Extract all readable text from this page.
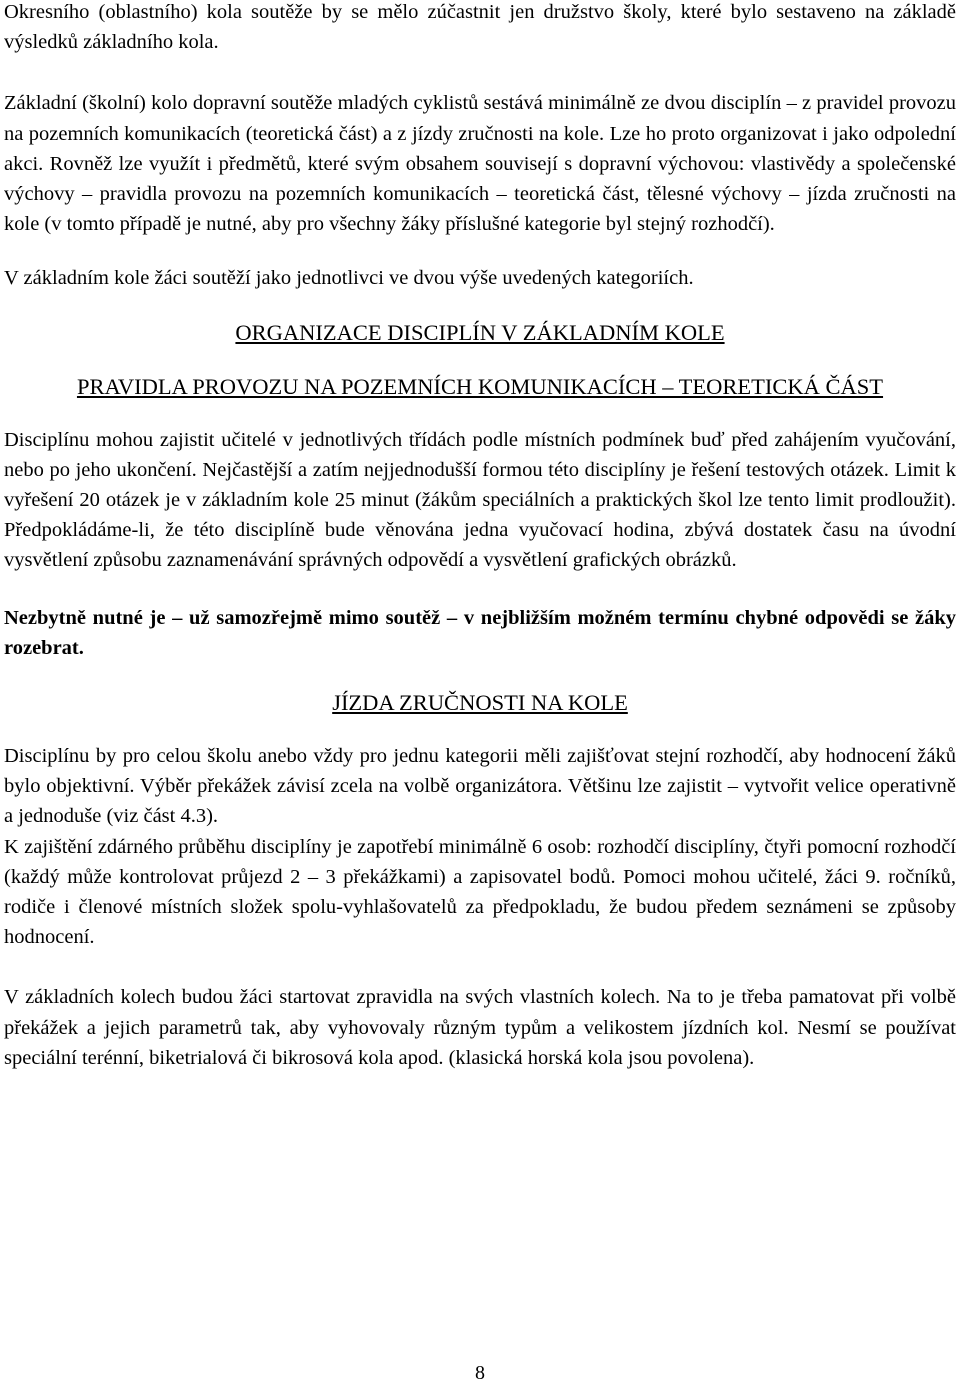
Okresního (oblastního) kola soutěže by se mělo zúčastnit jen družstvo školy, které bylo sestaveno na základě výsledků základního kola.

Základní (školní) kolo dopravní soutěže mladých cyklistů sestává minimálně ze dvou disciplín – z pravidel provozu na pozemních komunikacích (teoretická část) a z jízdy zručnosti na kole. Lze ho proto organizovat i jako odpolední akci. Rovněž lze využít i předmětů, které svým obsahem souvisejí s dopravní výchovou: vlastivědy a společenské výchovy – pravidla provozu na pozemních komunikacích – teoretická část, tělesné výchovy – jízda zručnosti na kole (v tomto případě je nutné, aby pro všechny žáky příslušné kategorie byl stejný rozhodčí).

V základním kole žáci soutěží jako jednotlivci ve dvou výše uvedených kategoriích.

ORGANIZACE DISCIPLÍN V ZÁKLADNÍM KOLE

PRAVIDLA PROVOZU NA POZEMNÍCH KOMUNIKACÍCH – TEORETICKÁ ČÁST

Disciplínu mohou zajistit učitelé v jednotlivých třídách podle místních podmínek buď před zahájením vyučování, nebo po jeho ukončení. Nejčastější a zatím nejjednodušší formou této disciplíny je řešení testových otázek. Limit k vyřešení 20 otázek je v základním kole 25 minut (žákům speciálních a praktických škol lze tento limit prodloužit). Předpokládáme-li, že této disciplíně bude věnována jedna vyučovací hodina, zbývá dostatek času na úvodní vysvětlení způsobu zaznamenávání správných odpovědí a vysvětlení grafických obrázků.

Nezbytně nutné je – už samozřejmě mimo soutěž – v nejbližším možném termínu chybné odpovědi se žáky rozebrat.

JÍZDA ZRUČNOSTI NA KOLE

Disciplínu by pro celou školu anebo vždy pro jednu kategorii měli zajišťovat stejní rozhodčí, aby hodnocení žáků bylo objektivní. Výběr překážek závisí zcela na volbě organizátora. Většinu lze zajistit – vytvořit velice operativně a jednoduše (viz část 4.3).

K zajištění zdárného průběhu disciplíny je zapotřebí minimálně 6 osob: rozhodčí disciplíny, čtyři pomocní rozhodčí (každý může kontrolovat průjezd 2 – 3 překážkami) a zapisovatel bodů. Pomoci mohou učitelé, žáci 9. ročníků, rodiče i členové místních složek spolu-vyhlašovatelů za předpokladu, že budou předem seznámeni se způsoby hodnocení.

V základních kolech budou žáci startovat zpravidla na svých vlastních kolech. Na to je třeba pamatovat při volbě překážek a jejich parametrů tak, aby vyhovovaly různým typům a velikostem jízdních kol. Nesmí se používat speciální terénní, biketrialová či bikrosová kola apod. (klasická horská kola jsou povolena).

8
